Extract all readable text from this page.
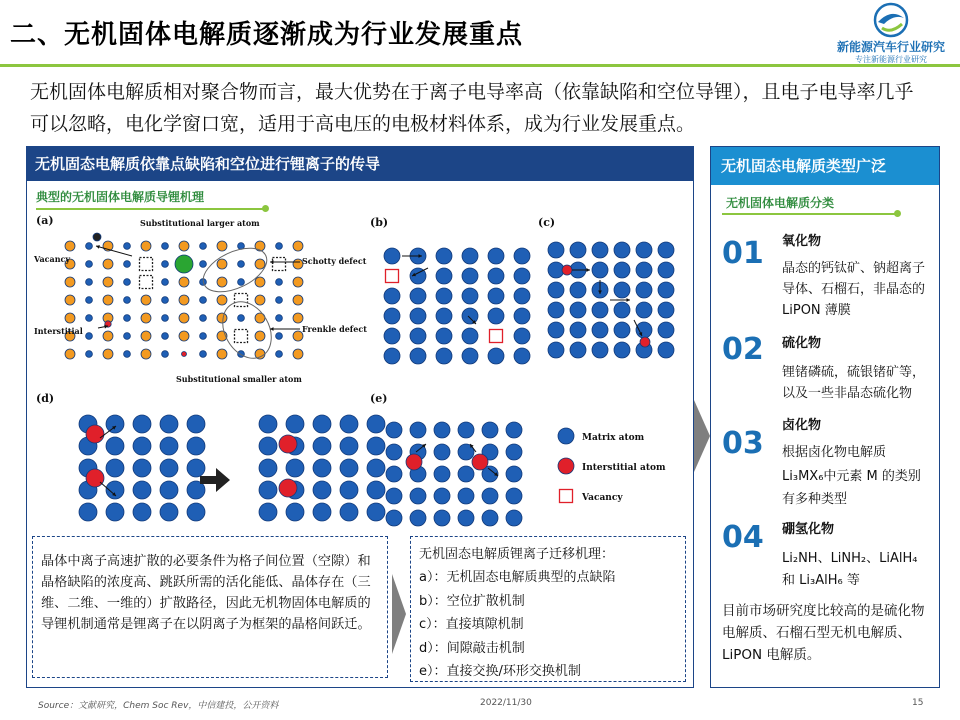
二、无机固体电解质逐渐成为行业发展重点	新能源汽车行业研究
专注新能源行业研究
无机固体电解质相对聚合物而言，最大优势在于离子电导率高（依靠缺陷和空位导锂），且电子电导率几乎可以忽略，电化学窗口宽，适用于高电压的电极材料体系，成为行业发展重点。
无机固态电解质依靠点缺陷和空位进行锂离子的传导
典型的无机固体电解质导锂机理
(a)	Substitutional larger atom
Vacancy	Schotty defect
Interstitial	Frenkle defect
Substitutional smaller atom
(b)	(c)
(d)	(e)
Matrix atom
Interstitial atom
Vacancy
晶体中离子高速扩散的必要条件为格子间位置（空隙）和晶格缺陷的浓度高、跳跃所需的活化能低、晶体存在（三维、二维、一维的）扩散路径，因此无机物固体电解质的导锂机制通常是锂离子在以阴离子为框架的晶格间跃迁。
无机固态电解质锂离子迁移机理：
a）：无机固态电解质典型的点缺陷
b）：空位扩散机制
c）：直接填隙机制
d）：间隙敲击机制
e）：直接交换/环形交换机制
无机固态电解质类型广泛
无机固体电解质分类
01 氧化物
晶态的钙钛矿、钠超离子导体、石榴石，非晶态的 LiPON 薄膜
02 硫化物
锂锗磷硫，硫银锗矿等，以及一些非晶态硫化物
03
卤化物
根据卤化物电解质
Li₃MX₆中元素 M 的类别
有多种类型
04 硼氢化物
Li₂NH、LiNH₂、LiAlH₄
和 Li₃AlH₆ 等
目前市场研究度比较高的是硫化物电解质、石榴石型无机电解质、LiPON 电解质。
Source：文献研究，Chem Soc Rev，中信建投，公开资料	2022/11/30	15
